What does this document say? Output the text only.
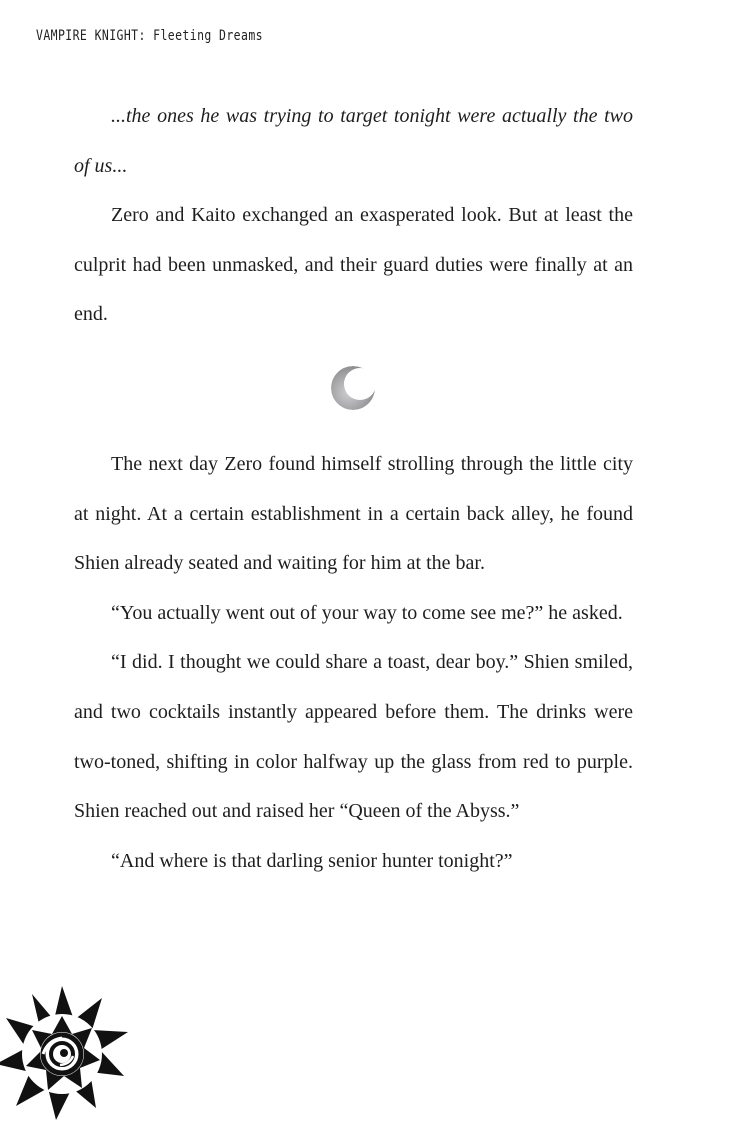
VAMPIRE KNIGHT: Fleeting Dreams

...the ones he was trying to target tonight were actually the two of us...

Zero and Kaito exchanged an exasperated look. But at least the culprit had been unmasked, and their guard duties were finally at an end.

The next day Zero found himself strolling through the little city at night. At a certain establishment in a certain back alley, he found Shien already seated and waiting for him at the bar.

“You actually went out of your way to come see me?” he asked.

“I did. I thought we could share a toast, dear boy.” Shien smiled, and two cocktails instantly appeared before them. The drinks were two-toned, shifting in color halfway up the glass from red to purple. Shien reached out and raised her “Queen of the Abyss.”

“And where is that darling senior hunter tonight?”
